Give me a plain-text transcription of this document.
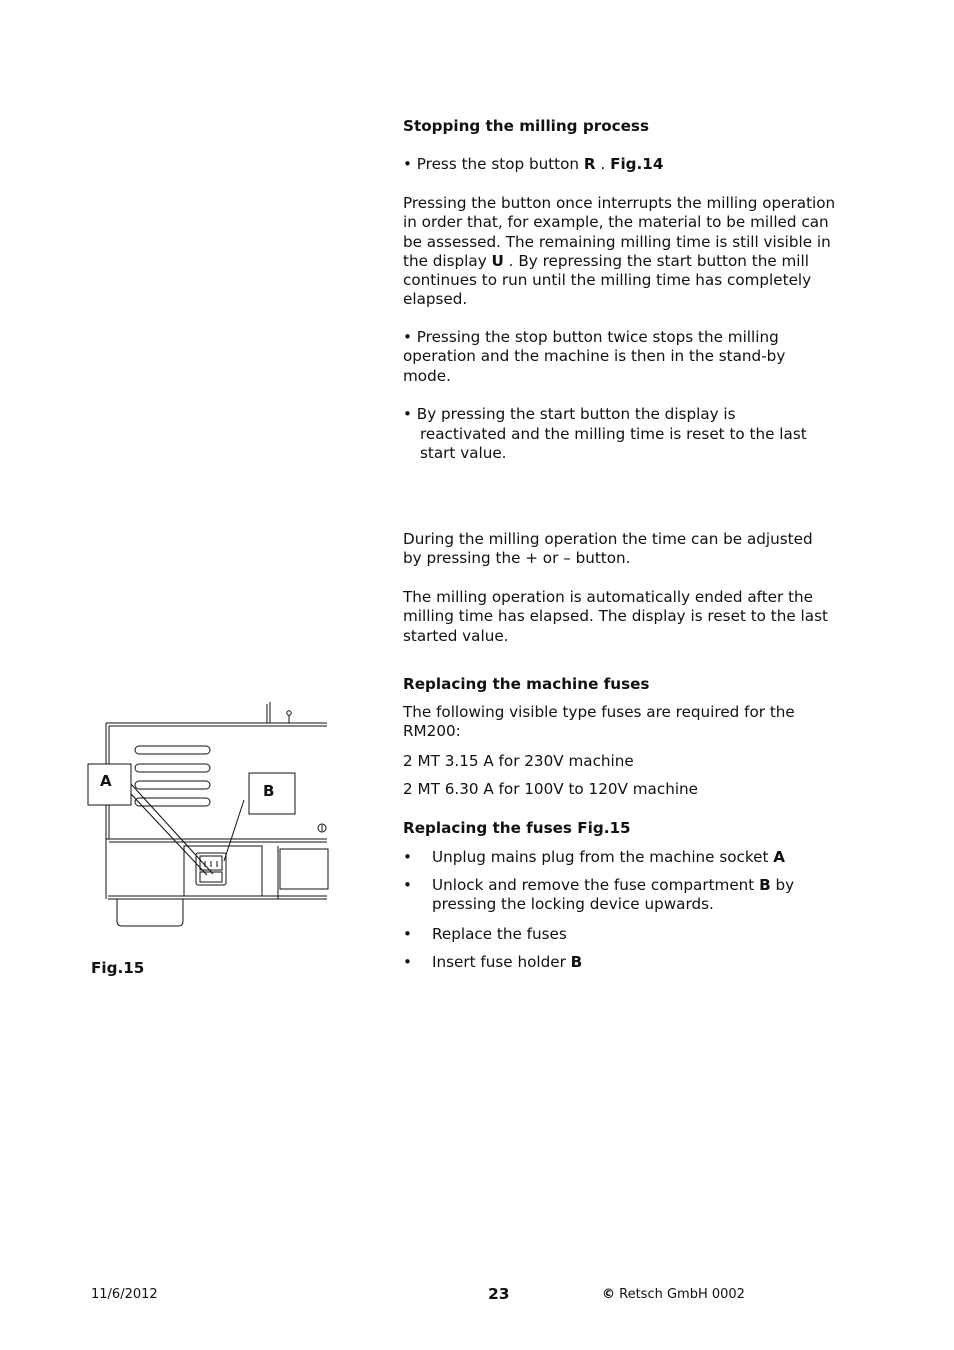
Stopping the milling process
• Press the stop button R . Fig.14
Pressing the button once interrupts the milling operation in order that, for example, the material to be milled can be assessed. The remaining milling time is still visible in the display U . By repressing the start button the mill continues to run until the milling time has completely elapsed.
• Pressing the stop button twice stops the milling operation and the machine is then in the stand-by mode.
• By pressing the start button the display is
reactivated and the milling time is reset to the last start value.
During the milling operation the time can be adjusted by pressing the + or – button.
The milling operation is automatically ended after the milling time has elapsed. The display is reset to the last started value.
Replacing the machine fuses
The following visible type fuses are required for the RM200:
2 MT 3.15 A for 230V machine
2 MT 6.30 A for 100V to 120V machine
Replacing the fuses Fig.15
• Unplug mains plug from the machine socket A
• Unlock and remove the fuse compartment B by pressing the locking device upwards.
• Replace the fuses
• Insert fuse holder B
A
B
Fig.15
11/6/2012	23	© Retsch GmbH 0002
